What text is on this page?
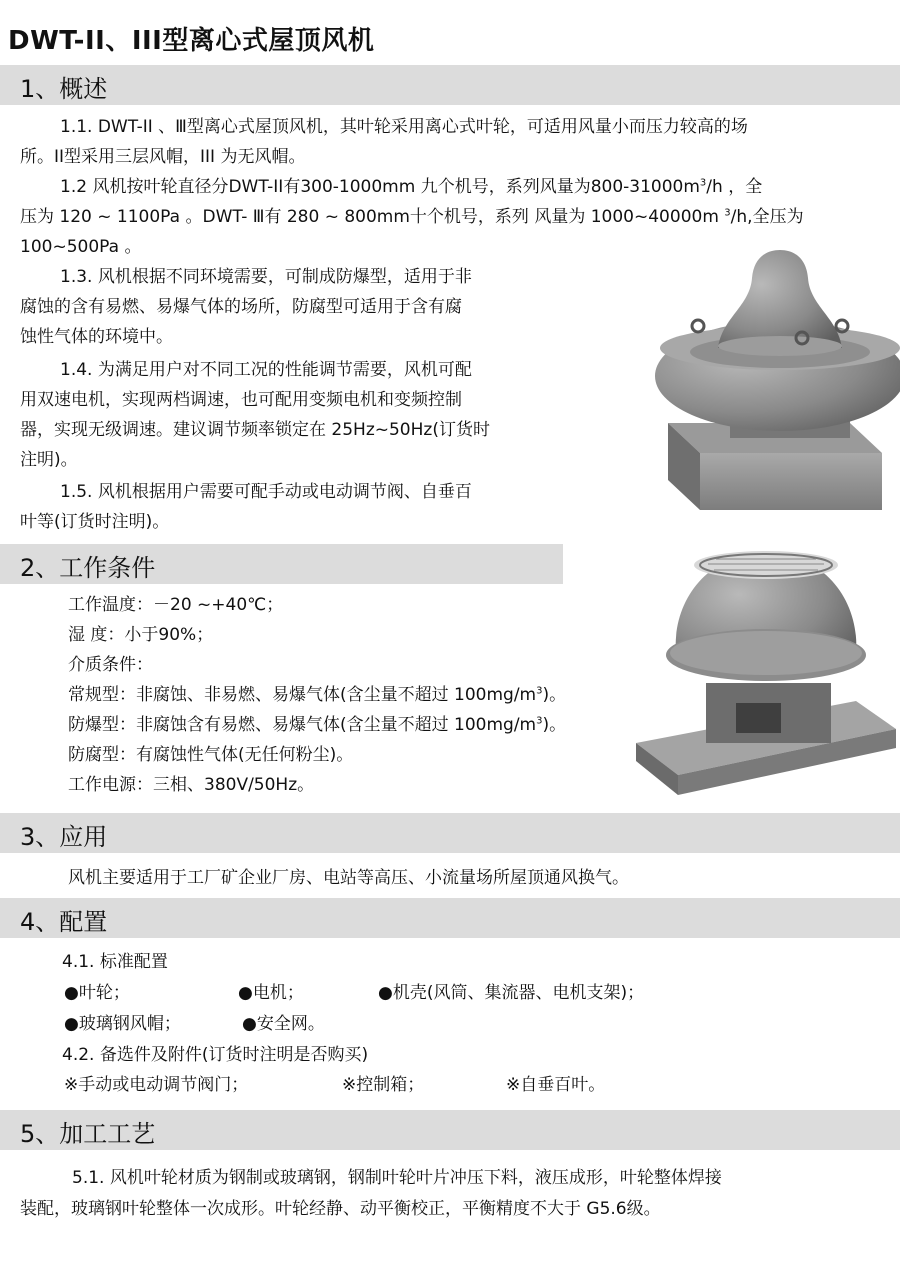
DWT-II、III型离心式屋顶风机
1、概述
1.1. DWT-II 、Ⅲ型离心式屋顶风机，其叶轮采用离心式叶轮，可适用风量小而压力较高的场
所。II型采用三层风帽，III 为无风帽。
1.2 风机按叶轮直径分DWT-II有300-1000mm 九个机号，系列风量为$800-31000m^3/h$ ，全
压为 120 ~ 1100Pa 。DWT- Ⅲ有 280 ~ 800mm十个机号，系列 风量为 1000~40000m $^3$/h,全压为
100~500Pa 。
1.3. 风机根据不同环境需要，可制成防爆型，适用于非
腐蚀的含有易燃、易爆气体的场所，防腐型可适用于含有腐
蚀性气体的环境中。
1.4. 为满足用户对不同工况的性能调节需要，风机可配
用双速电机，实现两档调速，也可配用变频电机和变频控制
器，实现无级调速。建议调节频率锁定在 25Hz~50Hz(订货时
注明)。
1.5. 风机根据用户需要可配手动或电动调节阀、自垂百
叶等(订货时注明)。
2、工作条件
工作温度：－20 ~+40℃；
湿 度：小于90%；
介质条件：
常规型：非腐蚀、非易燃、易爆气体(含尘量不超过 $100mg/m^3$)。
防爆型：非腐蚀含有易燃、易爆气体(含尘量不超过 $100mg/m^3$)。
防腐型：有腐蚀性气体(无任何粉尘)。
工作电源：三相、380V/50Hz。
3、应用
风机主要适用于工厂矿企业厂房、电站等高压、小流量场所屋顶通风换气。
4、配置
4.1. 标准配置
●叶轮；	●电机；	●机壳(风筒、集流器、电机支架)；
●玻璃钢风帽；	●安全网。
4.2. 备选件及附件(订货时注明是否购买)
※手动或电动调节阀门；	※控制箱；	※自垂百叶。
5、加工工艺
5.1. 风机叶轮材质为钢制或玻璃钢，钢制叶轮叶片冲压下料，液压成形，叶轮整体焊接
装配，玻璃钢叶轮整体一次成形。叶轮经静、动平衡校正，平衡精度不大于 G5.6级。
